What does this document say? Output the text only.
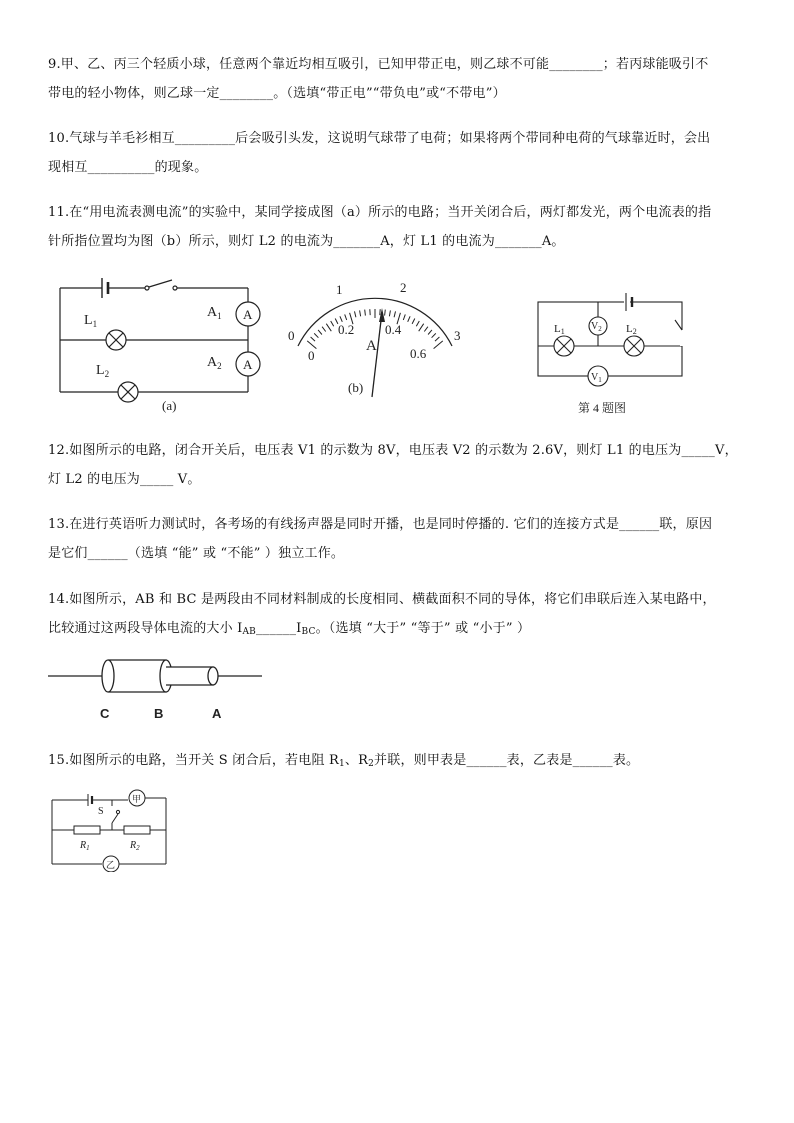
9.甲、乙、丙三个轻质小球，任意两个靠近均相互吸引，已知甲带正电，则乙球不可能________；若丙球能吸引不

带电的轻小物体，则乙球一定________。（选填“带正电”“带负电”或“不带电”）

10.气球与羊毛衫相互_________后会吸引头发，这说明气球带了电荷；如果将两个带同种电荷的气球靠近时，会出

现相互__________的现象。

11.在“用电流表测电流”的实验中，某同学接成图（a）所示的电路；当开关闭合后，两灯都发光，两个电流表的指

针所指位置均为图（b）所示，则灯 L2 的电流为_______A，灯 L1 的电流为_______A。

$L_1$
$L_2$
$A_1$
$A_2$
A
A
(a)
1	2
0	3
0
0.2 0.4
0.6
A
(b)
L1	L2
$V_2$
$V_1$
第 4 题图

12.如图所示的电路，闭合开关后，电压表 V1 的示数为 8V，电压表 V2 的示数为 2.6V，则灯 L1 的电压为_____V，

灯 L2 的电压为_____ V。

13.在进行英语听力测试时，各考场的有线扬声器是同时开播，也是同时停播的. 它们的连接方式是______联，原因

是它们______（选填 “能” 或 “不能” ）独立工作。

14.如图所示，AB 和 BC 是两段由不同材料制成的长度相同、横截面积不同的导体，将它们串联后连入某电路中，

比较通过这两段导体电流的大小 $I_{AB}\_\_\_\_\_\_I_{BC}$。（选填 “大于” “等于” 或 “小于” ）

C	B	A

15.如图所示的电路，当开关 S 闭合后，若电阻 $R_1$、$R_2$并联，则甲表是______表，乙表是______表。

S
$R_1$	$R_2$
甲
乙
